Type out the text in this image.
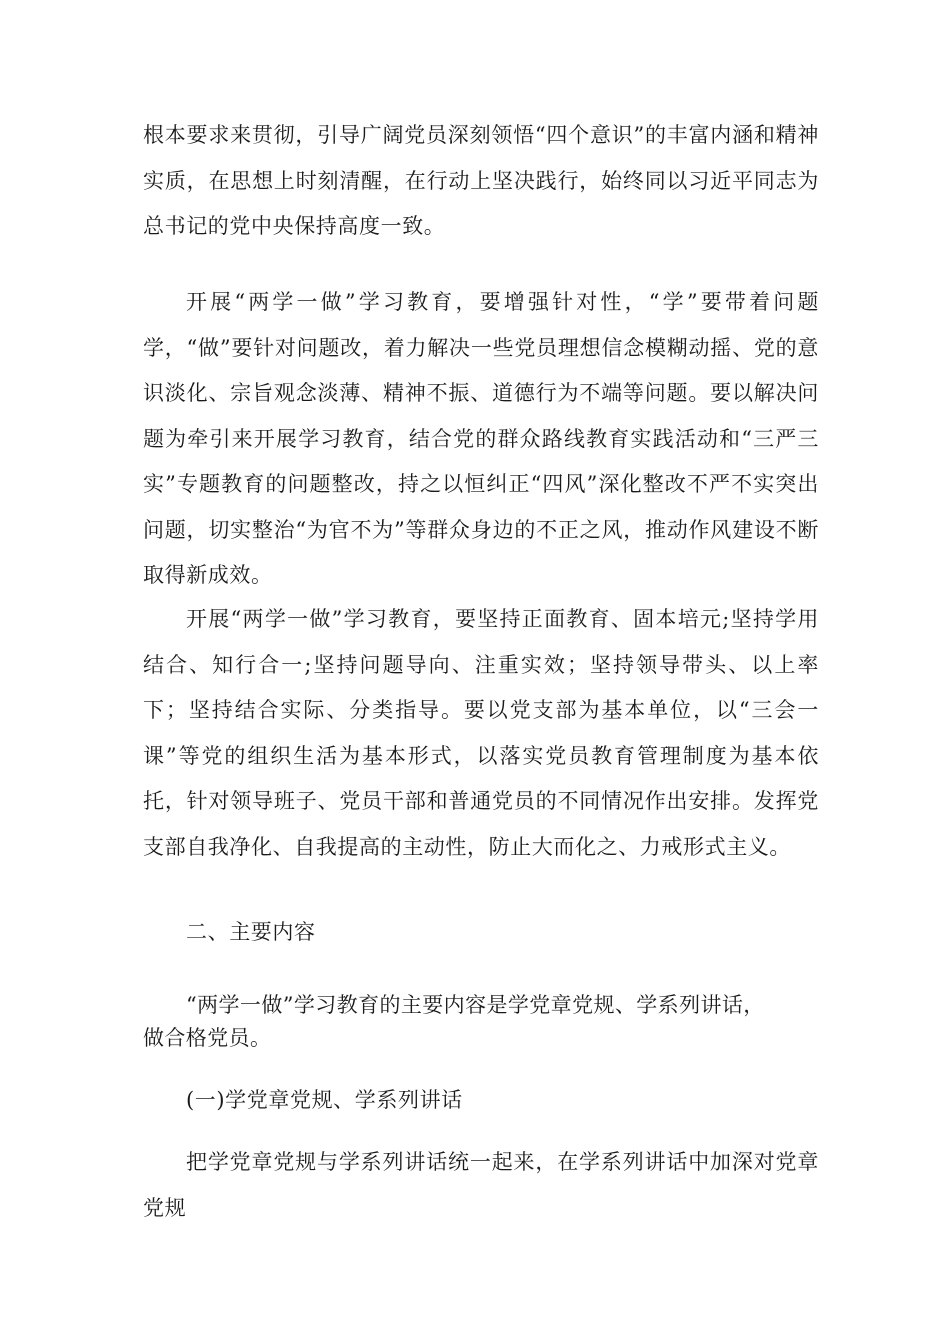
根本要求来贯彻，引导广阔党员深刻领悟“四个意识”的丰富内涵和精神实质，在思想上时刻清醒，在行动上坚决践行，始终同以习近平同志为总书记的党中央保持高度一致。

开展“两学一做”学习教育，要增强针对性，“学”要带着问题学，“做”要针对问题改，着力解决一些党员理想信念模糊动摇、党的意识淡化、宗旨观念淡薄、精神不振、道德行为不端等问题。要以解决问题为牵引来开展学习教育，结合党的群众路线教育实践活动和“三严三实”专题教育的问题整改，持之以恒纠正“四风”深化整改不严不实突出问题，切实整治“为官不为”等群众身边的不正之风，推动作风建设不断取得新成效。

开展“两学一做”学习教育，要坚持正面教育、固本培元;坚持学用结合、知行合一;坚持问题导向、注重实效；坚持领导带头、以上率下；坚持结合实际、分类指导。要以党支部为基本单位，以“三会一课”等党的组织生活为基本形式，以落实党员教育管理制度为基本依托，针对领导班子、党员干部和普通党员的不同情况作出安排。发挥党支部自我净化、自我提高的主动性，防止大而化之、力戒形式主义。

二、主要内容

“两学一做”学习教育的主要内容是学党章党规、学系列讲话，做合格党员。

(一)学党章党规、学系列讲话

把学党章党规与学系列讲话统一起来，在学系列讲话中加深对党章党规
